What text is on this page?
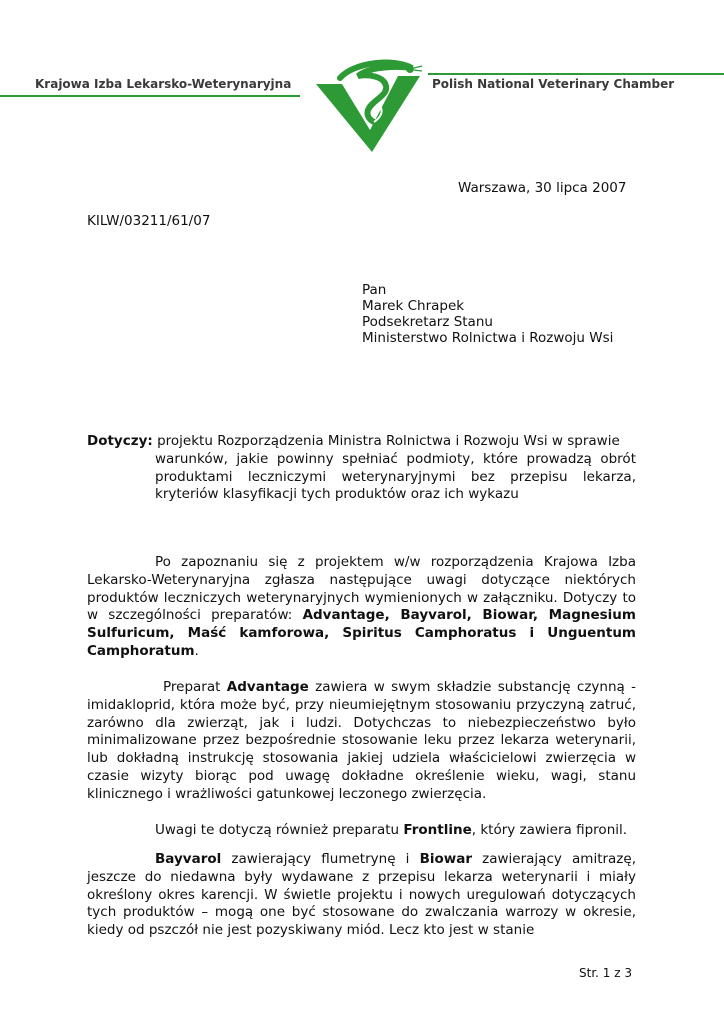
Krajowa Izba Lekarsko-Weterynaryjna	Polish National Veterinary Chamber
Warszawa, 30 lipca 2007
KILW/03211/61/07
Pan
Marek Chrapek
Podsekretarz Stanu
Ministerstwo Rolnictwa i Rozwoju Wsi
Dotyczy: projektu Rozporządzenia Ministra Rolnictwa i Rozwoju Wsi w sprawie
warunków, jakie powinny spełniać podmioty, które prowadzą obrót produktami leczniczymi weterynaryjnymi bez przepisu lekarza, kryteriów klasyfikacji tych produktów oraz ich wykazu
Po zapoznaniu się z projektem w/w rozporządzenia Krajowa Izba Lekarsko-Weterynaryjna zgłasza następujące uwagi dotyczące niektórych produktów leczniczych weterynaryjnych wymienionych w załączniku. Dotyczy to w szczególności preparatów: Advantage, Bayvarol, Biowar, Magnesium Sulfuricum, Maść kamforowa, Spiritus Camphoratus i Unguentum Camphoratum.
Preparat Advantage zawiera w swym składzie substancję czynną -imidakloprid, która może być, przy nieumiejętnym stosowaniu przyczyną zatruć, zarówno dla zwierząt, jak i ludzi. Dotychczas to niebezpieczeństwo było minimalizowane przez bezpośrednie stosowanie leku przez lekarza weterynarii, lub dokładną instrukcję stosowania jakiej udziela właścicielowi zwierzęcia w czasie wizyty biorąc pod uwagę dokładne określenie wieku, wagi, stanu klinicznego i wrażliwości gatunkowej leczonego zwierzęcia.
Uwagi te dotyczą również preparatu Frontline, który zawiera fipronil.
Bayvarol zawierający flumetrynę i Biowar zawierający amitrazę, jeszcze do niedawna były wydawane z przepisu lekarza weterynarii i miały określony okres karencji. W świetle projektu i nowych uregulowań dotyczących tych produktów – mogą one być stosowane do zwalczania warrozy w okresie, kiedy od pszczół nie jest pozyskiwany miód. Lecz kto jest w stanie
Str. 1 z 3
